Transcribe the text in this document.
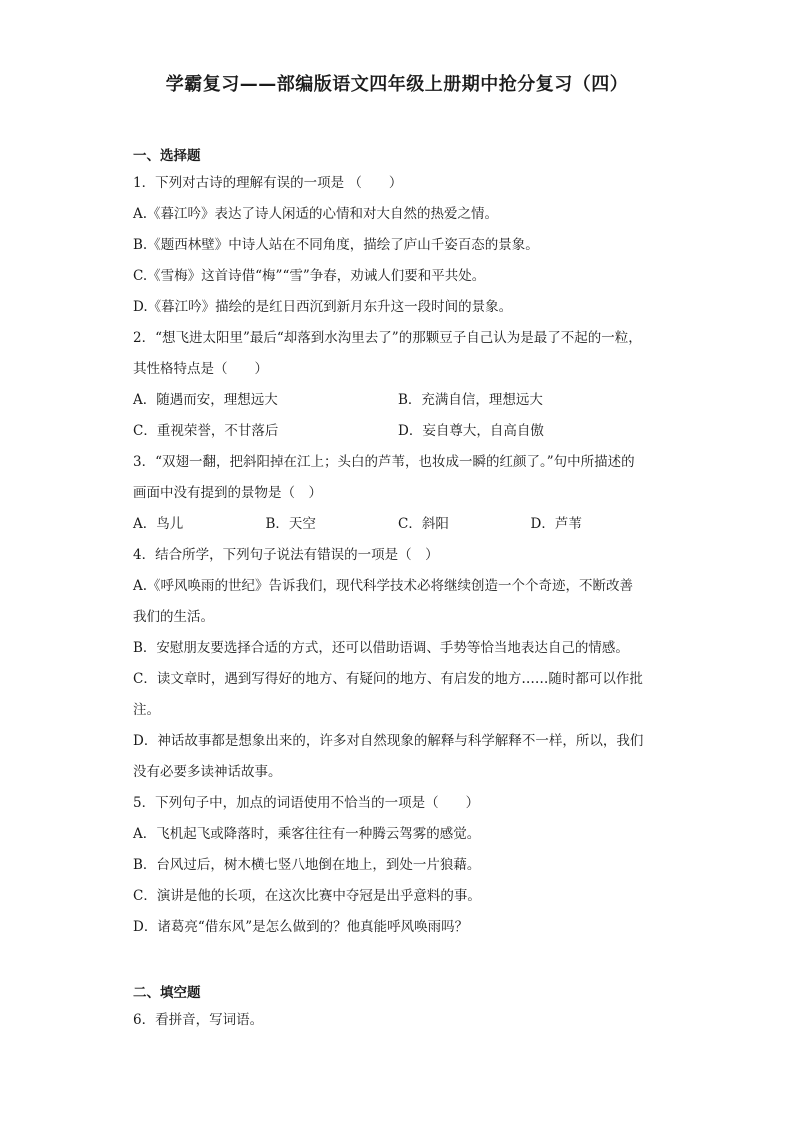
学霸复习——部编版语文四年级上册期中抢分复习（四）
一、选择题
1．下列对古诗的理解有误的一项是 （　　）
A.《暮江吟》表达了诗人闲适的心情和对大自然的热爱之情。
B.《题西林壁》中诗人站在不同角度，描绘了庐山千姿百态的景象。
C.《雪梅》这首诗借“梅”“雪”争春，劝诫人们要和平共处。
D.《暮江吟》描绘的是红日西沉到新月东升这一段时间的景象。
2．“想飞进太阳里”最后“却落到水沟里去了”的那颗豆子自己认为是最了不起的一粒，
其性格特点是（　　）
A．随遇而安，理想远大	B．充满自信，理想远大
C．重视荣誉，不甘落后	D．妄自尊大，自高自傲
3．“双翅一翻，把斜阳掉在江上；头白的芦苇，也妆成一瞬的红颜了。”句中所描述的
画面中没有提到的景物是（　）
A．鸟儿	B．天空	C．斜阳	D．芦苇
4．结合所学，下列句子说法有错误的一项是（　）
A.《呼风唤雨的世纪》告诉我们，现代科学技术必将继续创造一个个奇迹，不断改善
我们的生活。
B．安慰朋友要选择合适的方式，还可以借助语调、手势等恰当地表达自己的情感。
C．读文章时，遇到写得好的地方、有疑问的地方、有启发的地方……随时都可以作批
注。
D．神话故事都是想象出来的，许多对自然现象的解释与科学解释不一样，所以，我们
没有必要多读神话故事。
5．下列句子中，加点的词语使用不恰当的一项是（　　）
A．飞机起飞或降落时，乘客往往有一种腾云驾雾的感觉。
B．台风过后，树木横七竖八地倒在地上，到处一片狼藉。
C．演讲是他的长项，在这次比赛中夺冠是出乎意料的事。
D．诸葛亮“借东风”是怎么做到的？他真能呼风唤雨吗？
二、填空题
6．看拼音，写词语。
